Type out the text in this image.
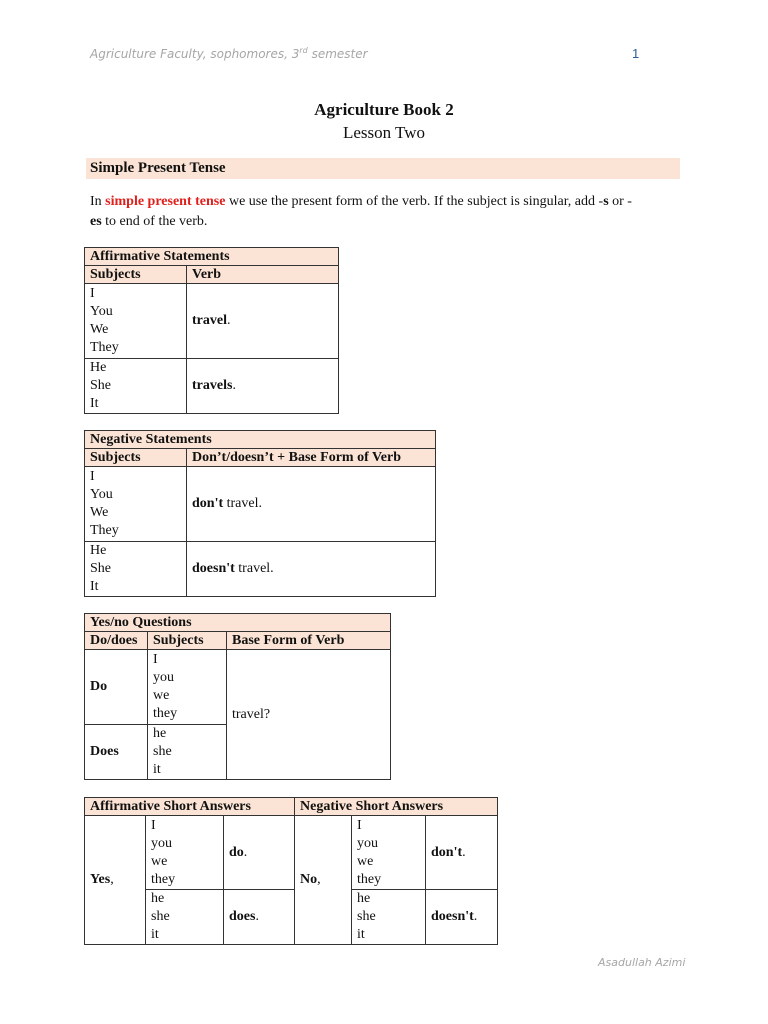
Agriculture Faculty, sophomores, 3rd semester	1
Agriculture Book 2
Lesson Two
Simple Present Tense
In simple present tense we use the present form of the verb. If the subject is singular, add -s or -
es to end of the verb.
Affirmative Statements	
Subjects	Verb

I
You
We
They	travel.

He
She
It	travels.
Negative Statements	
Subjects	Don’t/doesn’t + Base Form of Verb

I
You
We
They	don't travel.

He
She
It	doesn't travel.
Yes/no Questions		
Do/does	Subjects	Base Form of Verb
Do	I
you
we
they	travel?
Does	he
she
it	
Affirmative Short Answers			Negative Short Answers		
Yes,	I
you
we
they	do.	No,	I
you
we
they	don't.

	he
she
it	does.		he
she
it	doesn't.
Asadullah Azimi
